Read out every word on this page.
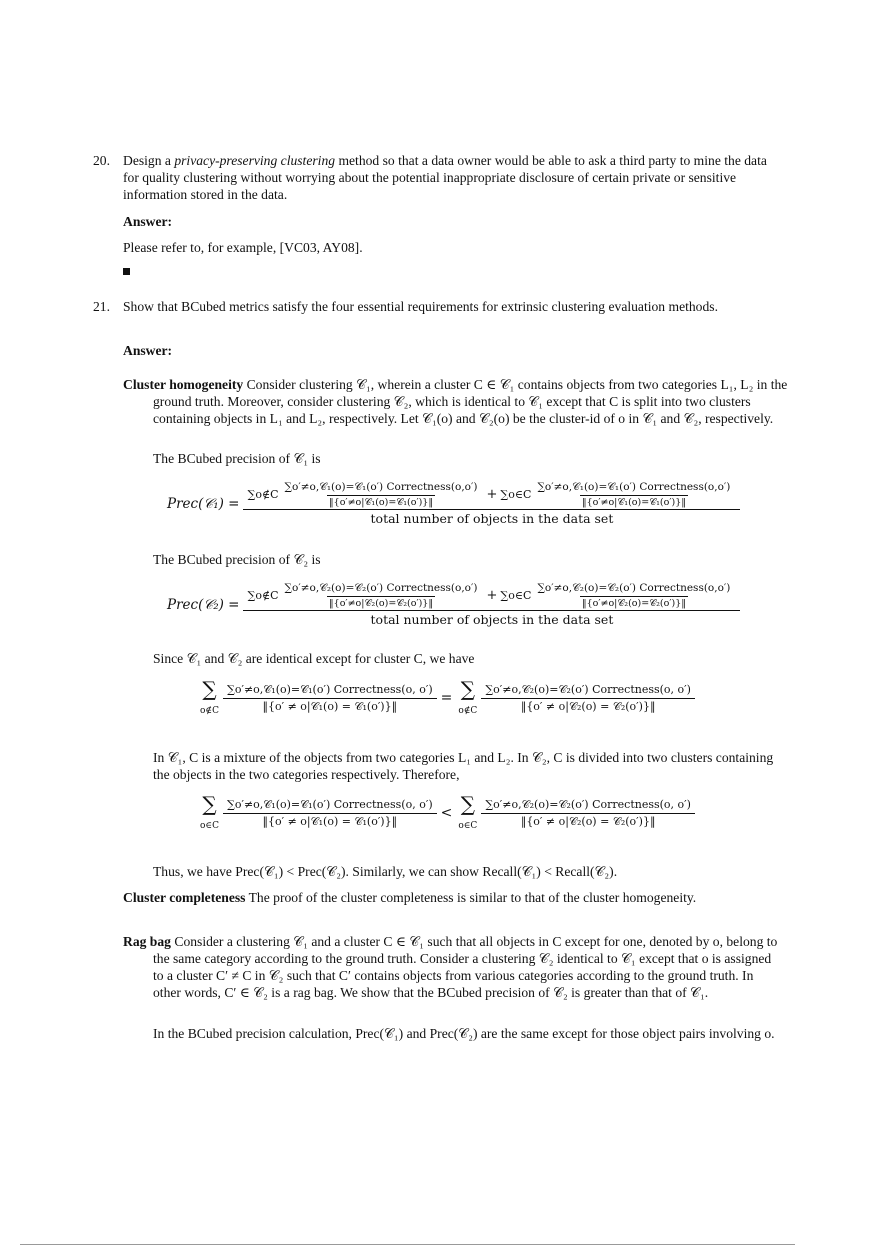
20. Design a privacy-preserving clustering method so that a data owner would be able to ask a third party to mine the data for quality clustering without worrying about the potential inappropriate disclosure of certain private or sensitive information stored in the data.

Answer:

Please refer to, for example, [VC03, AY08].

21. Show that BCubed metrics satisfy the four essential requirements for extrinsic clustering evaluation methods.

Answer:

Cluster homogeneity Consider clustering 𝒞₁, wherein a cluster C ∈ 𝒞₁ contains objects from two categories L₁, L₂ in the ground truth. Moreover, consider clustering 𝒞₂, which is identical to 𝒞₁ except that C is split into two clusters containing objects in L₁ and L₂, respectively. Let 𝒞₁(o) and 𝒞₂(o) be the cluster-id of o in 𝒞₁ and 𝒞₂, respectively.

The BCubed precision of 𝒞₁ is

Prec(𝒞₁) =
∑o∉C $\frac{\text{∑o′≠o,𝒞₁(o)=𝒞₁(o′) Correctness(o,o′)}}{\text{‖\{o′≠o|𝒞₁(o)=𝒞₁(o′)\}‖}}$ + ∑o∈C $\frac{\text{∑o′≠o,𝒞₁(o)=𝒞₁(o′) Correctness(o,o′)}}{\text{‖\{o′≠o|𝒞₁(o)=𝒞₁(o′)\}‖}}$
total number of objects in the data set

The BCubed precision of 𝒞₂ is

Prec(𝒞₂) =
∑o∉C $\frac{\text{∑o′≠o,𝒞₂(o)=𝒞₂(o′) Correctness(o,o′)}}{\text{‖\{o′≠o|𝒞₂(o)=𝒞₂(o′)\}‖}}$ + ∑o∈C $\frac{\text{∑o′≠o,𝒞₂(o)=𝒞₂(o′) Correctness(o,o′)}}{\text{‖\{o′≠o|𝒞₂(o)=𝒞₂(o′)\}‖}}$
total number of objects in the data set

Since 𝒞₁ and 𝒞₂ are identical except for cluster C, we have

∑
o∉C $\frac{\text{∑o′≠o,𝒞₁(o)=𝒞₁(o′) Correctness(o, o′)}}{\text{‖\{o′ ≠ o|𝒞₁(o) = 𝒞₁(o′)\}‖}}$ = ∑
o∉C $\frac{\text{∑o′≠o,𝒞₂(o)=𝒞₂(o′) Correctness(o, o′)}}{\text{‖\{o′ ≠ o|𝒞₂(o) = 𝒞₂(o′)\}‖}}$

In 𝒞₁, C is a mixture of the objects from two categories L₁ and L₂. In 𝒞₂, C is divided into two clusters containing the objects in the two categories respectively. Therefore,

∑
o∈C $\frac{\text{∑o′≠o,𝒞₁(o)=𝒞₁(o′) Correctness(o, o′)}}{\text{‖\{o′ ≠ o|𝒞₁(o) = 𝒞₁(o′)\}‖}}$ < ∑
o∈C $\frac{\text{∑o′≠o,𝒞₂(o)=𝒞₂(o′) Correctness(o, o′)}}{\text{‖\{o′ ≠ o|𝒞₂(o) = 𝒞₂(o′)\}‖}}$

Thus, we have Prec(𝒞₁) < Prec(𝒞₂). Similarly, we can show Recall(𝒞₁) < Recall(𝒞₂).

Cluster completeness The proof of the cluster completeness is similar to that of the cluster homogeneity.

Rag bag Consider a clustering 𝒞₁ and a cluster C ∈ 𝒞₁ such that all objects in C except for one, denoted by o, belong to the same category according to the ground truth. Consider a clustering 𝒞₂ identical to 𝒞₁ except that o is assigned to a cluster C′ ≠ C in 𝒞₂ such that C′ contains objects from various categories according to the ground truth. In other words, C′ ∈ 𝒞₂ is a rag bag. We show that the BCubed precision of 𝒞₂ is greater than that of 𝒞₁.

In the BCubed precision calculation, Prec(𝒞₁) and Prec(𝒞₂) are the same except for those object pairs involving o.
